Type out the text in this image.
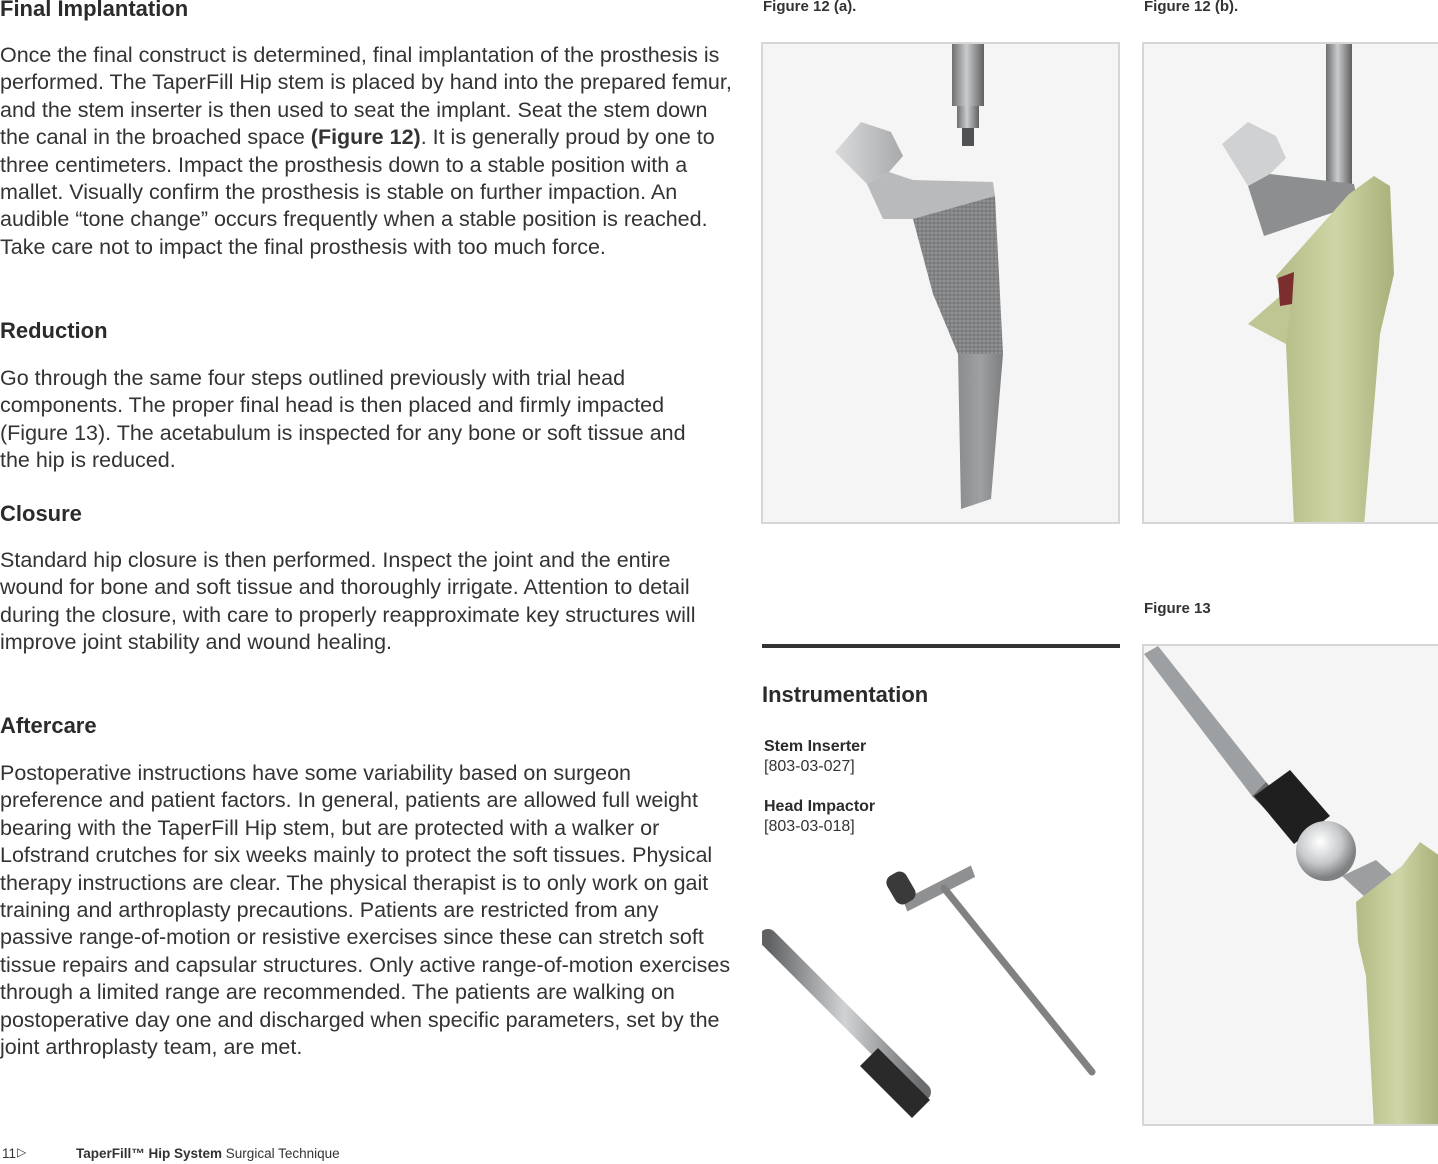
Final Implantation
Once the final construct is determined, final implantation of the prosthesis is performed. The TaperFill Hip stem is placed by hand into the prepared femur, and the stem inserter is then used to seat the implant. Seat the stem down the canal in the broached space (Figure 12). It is generally proud by one to three centimeters. Impact the prosthesis down to a stable position with a mallet. Visually confirm the prosthesis is stable on further impaction. An audible “tone change” occurs frequently when a stable position is reached. Take care not to impact the final prosthesis with too much force.
Reduction
Go through the same four steps outlined previously with trial head components. The proper final head is then placed and firmly impacted (Figure 13). The acetabulum is inspected for any bone or soft tissue and the hip is reduced.
Closure
Standard hip closure is then performed. Inspect the joint and the entire wound for bone and soft tissue and thoroughly irrigate. Attention to detail during the closure, with care to properly reapproximate key structures will improve joint stability and wound healing.
Aftercare
Postoperative instructions have some variability based on surgeon preference and patient factors. In general, patients are allowed full weight bearing with the TaperFill Hip stem, but are protected with a walker or Lofstrand crutches for six weeks mainly to protect the soft tissues. Physical therapy instructions are clear. The physical therapist is to only work on gait training and arthroplasty precautions. Patients are restricted from any passive range-of-motion or resistive exercises since these can stretch soft tissue repairs and capsular structures. Only active range-of-motion exercises through a limited range are recommended. The patients are walking on postoperative day one and discharged when specific parameters, set by the joint arthroplasty team, are met.
Figure 12 (a).	Figure 12 (b).
Figure 13
Instrumentation
Stem Inserter
[803-03-027]
Head Impactor
[803-03-018]
11 ▷	TaperFill™ Hip System Surgical Technique
